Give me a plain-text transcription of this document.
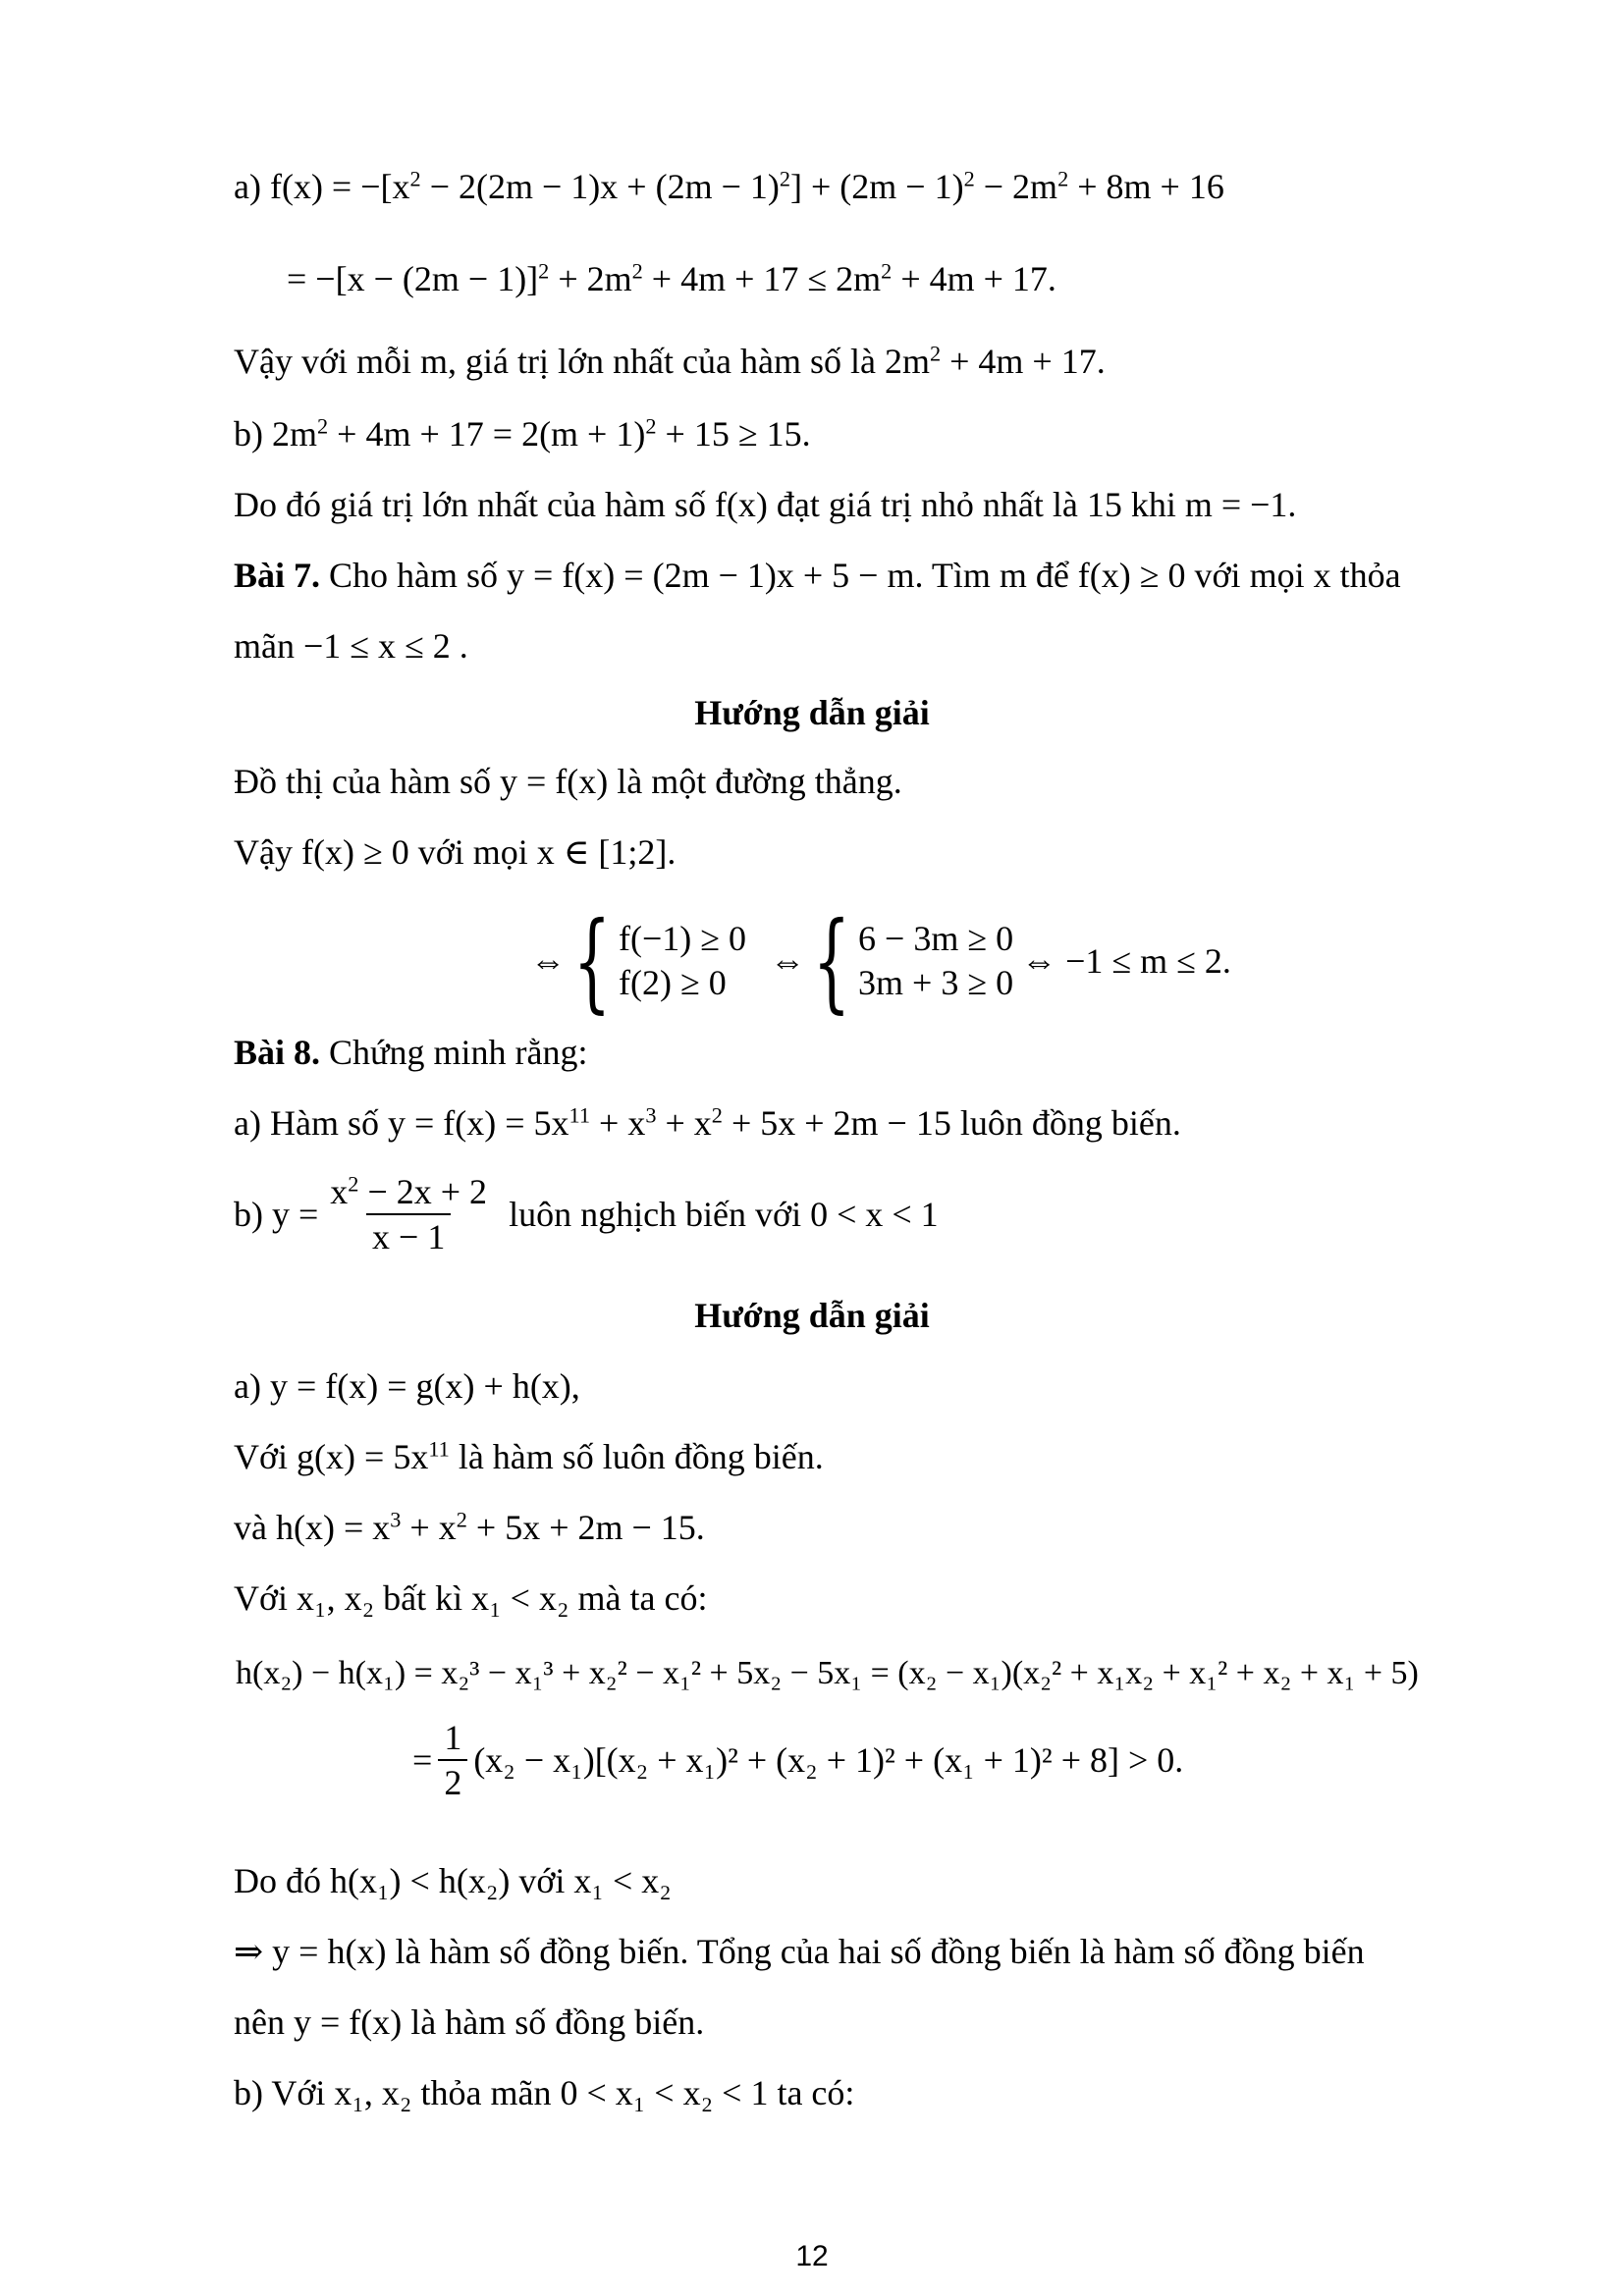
a) $f(x) = -[x^2 - 2(2m - 1)x + (2m - 1)^2] + (2m - 1)^2 - 2m^2 + 8m + 16$
= $-[x - (2m - 1)]^2 + 2m^2 + 4m + 17 \le 2m^2 + 4m + 17$.
Vậy với mỗi m, giá trị lớn nhất của hàm số là $2m^2 + 4m + 17$.
b) $2m^2 + 4m + 17 = 2(m + 1)^2 + 15 \ge 15$.
Do đó giá trị lớn nhất của hàm số f(x) đạt giá trị nhỏ nhất là 15 khi m = −1.
Bài 7. Cho hàm số y = f(x) = (2m − 1)x + 5 − m. Tìm m để f(x) ≥ 0 với mọi x thỏa
mãn −1 ≤ x ≤ 2 .
Hướng dẫn giải
Đồ thị của hàm số y = f(x) là một đường thẳng.
Vậy f(x) ≥ 0 với mọi x ∈ [1;2].
⇔ { f(−1) ≥ 0
f(2) ≥ 0
⇔ { 6 − 3m ≥ 0
3m + 3 ≥ 0
⇔ −1 ≤ m ≤ 2.
Bài 8. Chứng minh rằng:
a) Hàm số $y = f(x) = 5x^{11} + x^3 + x^2 + 5x + 2m - 15$ luôn đồng biến.
b) $y = \frac{x^2 - 2x + 2}{x - 1}$ luôn nghịch biến với 0 < x < 1
Hướng dẫn giải
a) y = f(x) = g(x) + h(x),
Với $g(x) = 5x^{11}$ là hàm số luôn đồng biến.
và $h(x) = x^3 + x^2 + 5x + 2m - 15$.
Với x₁, x₂ bất kì x₁ < x₂ mà ta có:
h(x₂) − h(x₁) = x₂³ − x₁³ + x₂² − x₁² + 5x₂ − 5x₁ = (x₂ − x₁)(x₂² + x₁x₂ + x₁² + x₂ + x₁ + 5)
= $\frac{1}{2} (x_2 - x_1)[(x_2 + x_1)^2 + (x_2 + 1)^2 + (x_1 + 1)^2 + 8] > 0$.
Do đó h(x₁) < h(x₂) với x₁ < x₂
⇒ y = h(x) là hàm số đồng biến. Tổng của hai số đồng biến là hàm số đồng biến
nên y = f(x) là hàm số đồng biến.
b) Với x₁, x₂ thỏa mãn 0 < x₁ < x₂ < 1 ta có:
12
